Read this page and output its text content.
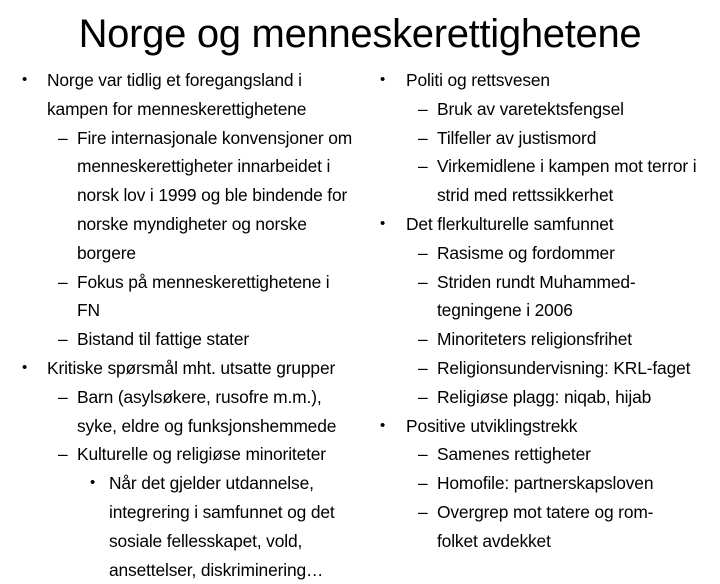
Norge og menneskerettighetene
• Norge var tidlig et foregangsland i kampen for menneskerettighetene
– Fire internasjonale konvensjoner om menneskerettigheter innarbeidet i norsk lov i 1999 og ble bindende for norske myndigheter og norske borgere
– Fokus på menneskerettighetene i FN
– Bistand til fattige stater
• Kritiske spørsmål mht. utsatte grupper
– Barn (asylsøkere, rusofre m.m.), syke, eldre og funksjonshemmede
– Kulturelle og religiøse minoriteter
• Når det gjelder utdannelse, integrering i samfunnet og det sosiale fellesskapet, vold, ansettelser, diskriminering…
• Politi og rettsvesen
– Bruk av varetektsfengsel
– Tilfeller av justismord
– Virkemidlene i kampen mot terror i strid med rettssikkerhet
• Det flerkulturelle samfunnet
– Rasisme og fordommer
– Striden rundt Muhammed-tegningene i 2006
– Minoriteters religionsfrihet
– Religionsundervisning: KRL-faget
– Religiøse plagg: niqab, hijab
• Positive utviklingstrekk
– Samenes rettigheter
– Homofile: partnerskapsloven
– Overgrep mot tatere og rom-folket avdekket
